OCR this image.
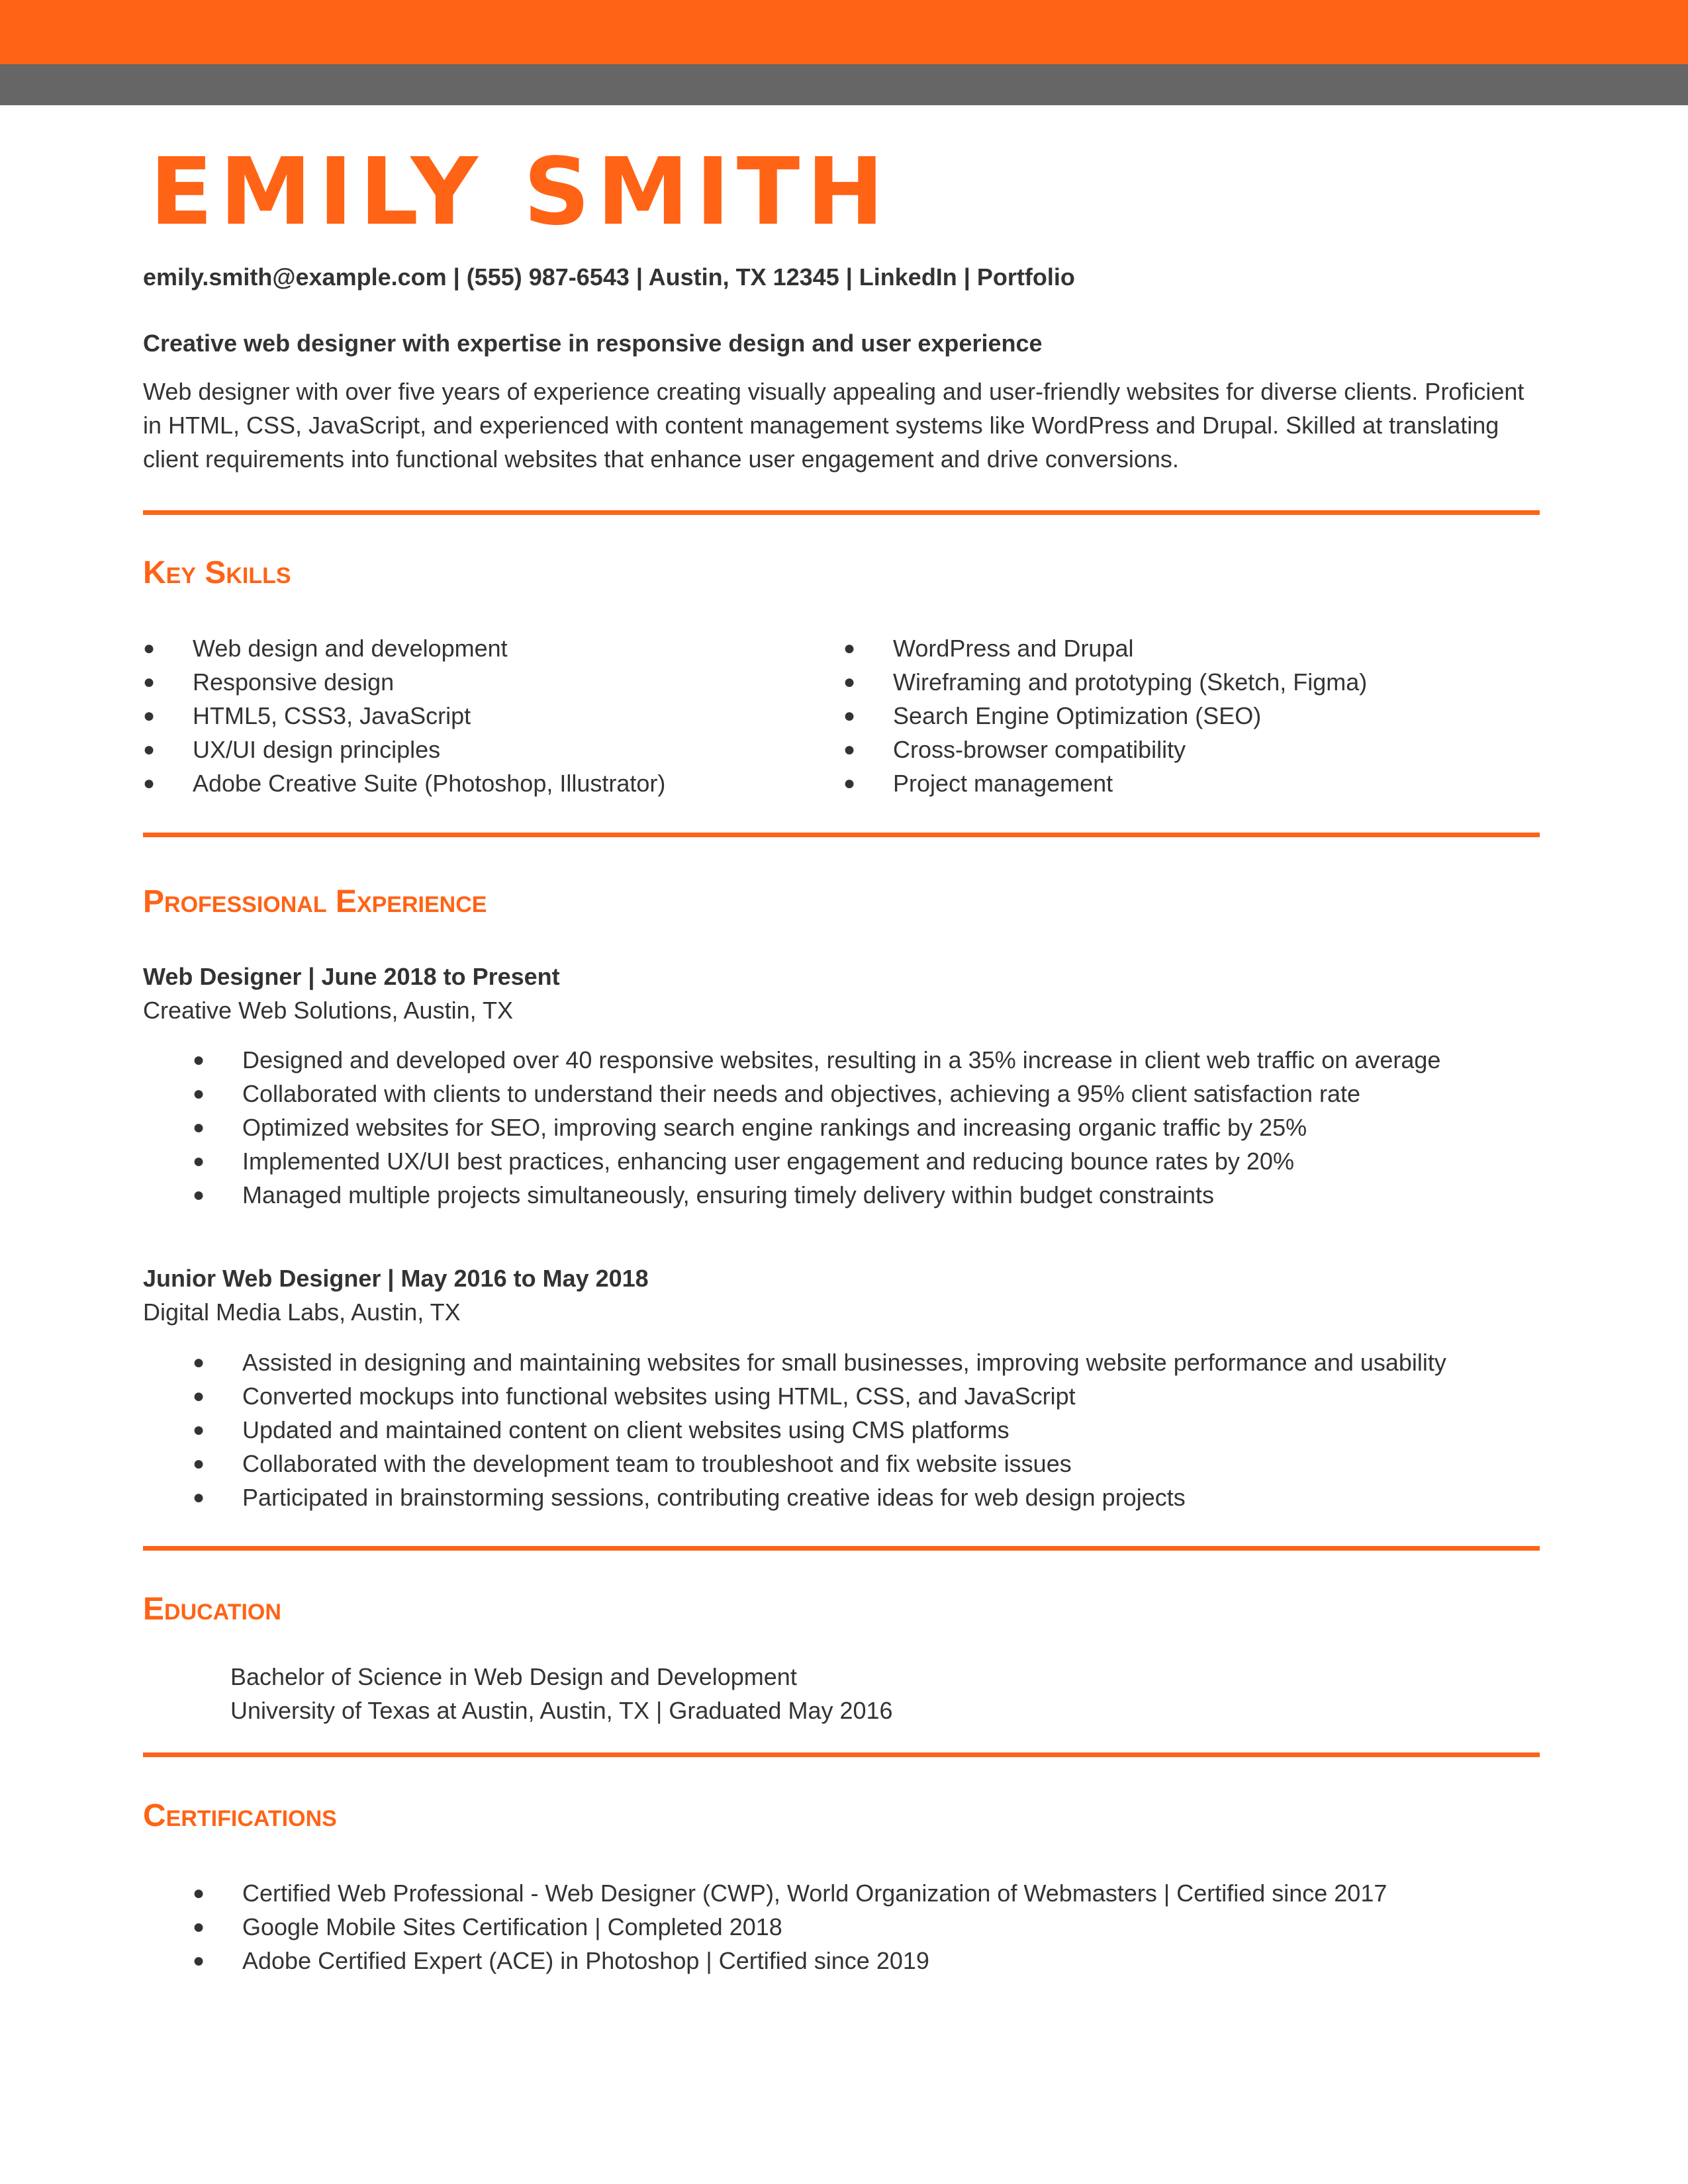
EMILY SMITH

emily.smith@example.com | (555) 987-6543 | Austin, TX 12345 | LinkedIn | Portfolio

Creative web designer with expertise in responsive design and user experience

Web designer with over five years of experience creating visually appealing and user-friendly websites for diverse clients. Proficient in HTML, CSS, JavaScript, and experienced with content management systems like WordPress and Drupal. Skilled at translating client requirements into functional websites that enhance user engagement and drive conversions.

Key Skills
● Web design and development
● Responsive design
● HTML5, CSS3, JavaScript
● UX/UI design principles
● Adobe Creative Suite (Photoshop, Illustrator)
● WordPress and Drupal
● Wireframing and prototyping (Sketch, Figma)
● Search Engine Optimization (SEO)
● Cross-browser compatibility
● Project management
Professional Experience

Web Designer | June 2018 to Present

Creative Web Solutions, Austin, TX

● Designed and developed over 40 responsive websites, resulting in a 35% increase in client web traffic on average
● Collaborated with clients to understand their needs and objectives, achieving a 95% client satisfaction rate
● Optimized websites for SEO, improving search engine rankings and increasing organic traffic by 25%
● Implemented UX/UI best practices, enhancing user engagement and reducing bounce rates by 20%
● Managed multiple projects simultaneously, ensuring timely delivery within budget constraints

Junior Web Designer | May 2016 to May 2018

Digital Media Labs, Austin, TX

● Assisted in designing and maintaining websites for small businesses, improving website performance and usability
● Converted mockups into functional websites using HTML, CSS, and JavaScript
● Updated and maintained content on client websites using CMS platforms
● Collaborated with the development team to troubleshoot and fix website issues
● Participated in brainstorming sessions, contributing creative ideas for web design projects
Education

Bachelor of Science in Web Design and Development

University of Texas at Austin, Austin, TX | Graduated May 2016

Certifications
● Certified Web Professional - Web Designer (CWP), World Organization of Webmasters | Certified since 2017
● Google Mobile Sites Certification | Completed 2018
● Adobe Certified Expert (ACE) in Photoshop | Certified since 2019
